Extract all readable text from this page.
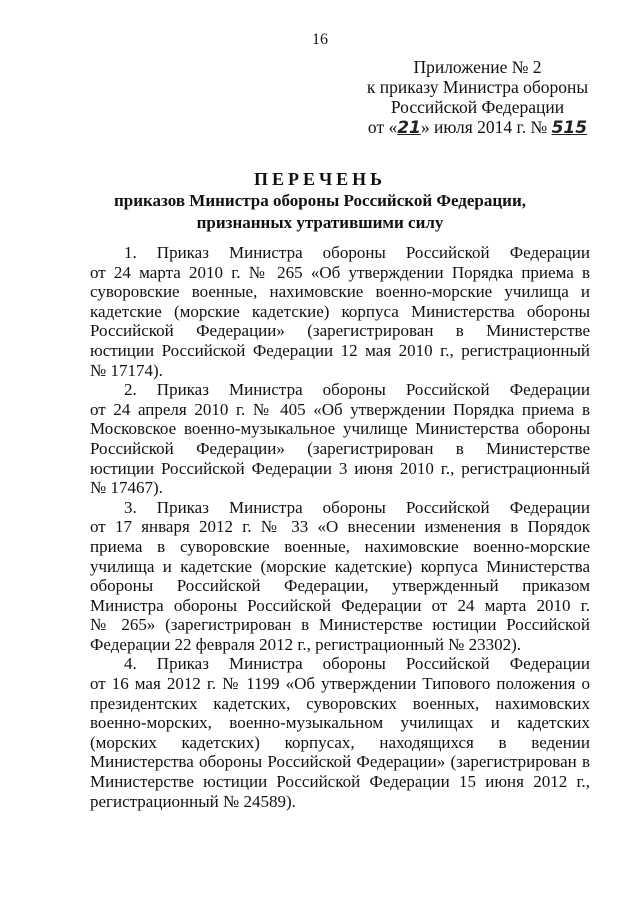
16
Приложение № 2
к приказу Министра обороны
Российской Федерации
от «21» июля 2014 г. № 515
ПЕРЕЧЕНЬ
приказов Министра обороны Российской Федерации,
признанных утратившими силу
1. Приказ Министра обороны Российской Федерации
от 24 марта 2010 г. № 265 «Об утверждении Порядка приема в
суворовские военные, нахимовские военно-морские училища и
кадетские (морские кадетские) корпуса Министерства обороны
Российской Федерации» (зарегистрирован в Министерстве
юстиции Российской Федерации 12 мая 2010 г., регистрационный
№ 17174).
2. Приказ Министра обороны Российской Федерации
от 24 апреля 2010 г. № 405 «Об утверждении Порядка приема в
Московское военно-музыкальное училище Министерства обороны
Российской Федерации» (зарегистрирован в Министерстве
юстиции Российской Федерации 3 июня 2010 г., регистрационный
№ 17467).
3. Приказ Министра обороны Российской Федерации
от 17 января 2012 г. № 33 «О внесении изменения в Порядок
приема в суворовские военные, нахимовские военно-морские
училища и кадетские (морские кадетские) корпуса Министерства
обороны Российской Федерации, утвержденный приказом
Министра обороны Российской Федерации от 24 марта 2010 г.
№ 265» (зарегистрирован в Министерстве юстиции Российской
Федерации 22 февраля 2012 г., регистрационный № 23302).
4. Приказ Министра обороны Российской Федерации
от 16 мая 2012 г. № 1199 «Об утверждении Типового положения о
президентских кадетских, суворовских военных, нахимовских
военно-морских, военно-музыкальном училищах и кадетских
(морских кадетских) корпусах, находящихся в ведении
Министерства обороны Российской Федерации» (зарегистрирован в
Министерстве юстиции Российской Федерации 15 июня 2012 г.,
регистрационный № 24589).
